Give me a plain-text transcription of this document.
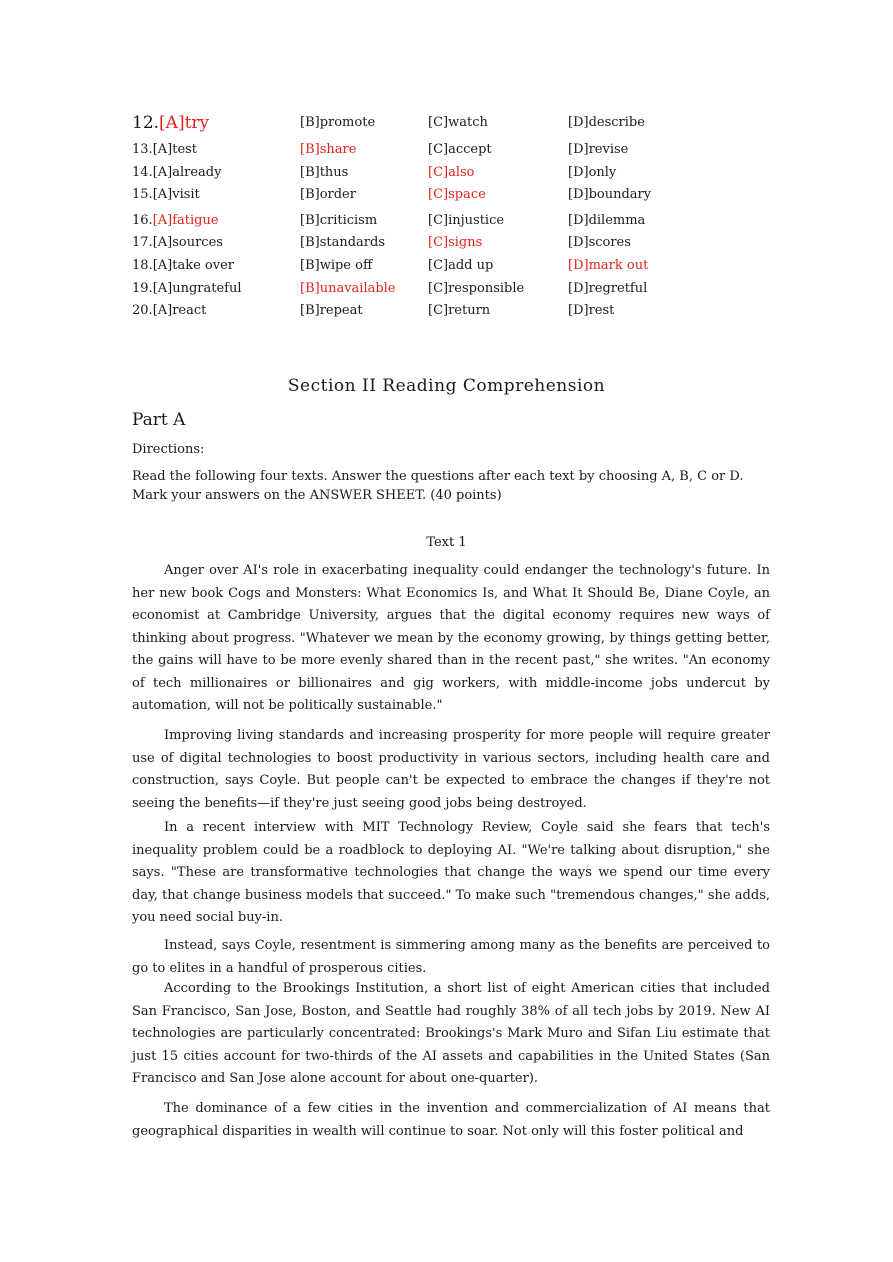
12.[A]try	[B]promote	[C]watch	[D]describe
13.[A]test	[B]share	[C]accept	[D]revise
14.[A]already	[B]thus	[C]also	[D]only
15.[A]visit	[B]order	[C]space	[D]boundary
16.[A]fatigue	[B]criticism	[C]injustice	[D]dilemma
17.[A]sources	[B]standards	[C]signs	[D]scores
18.[A]take over	[B]wipe off	[C]add up	[D]mark out
19.[A]ungrateful	[B]unavailable [C]responsible	[D]regretful
20.[A]react	[B]repeat	[C]return	[D]rest
Section II Reading Comprehension
Part A
Directions:
Read the following four texts. Answer the questions after each text by choosing A, B, C or D. Mark your answers on the ANSWER SHEET. (40 points)
Text 1

Anger over AI's role in exacerbating inequality could endanger the technology's future. In her new book Cogs and Monsters: What Economics Is, and What It Should Be, Diane Coyle, an economist at Cambridge University, argues that the digital economy requires new ways of thinking about progress. "Whatever we mean by the economy growing, by things getting better, the gains will have to be more evenly shared than in the recent past," she writes. "An economy of tech millionaires or billionaires and gig workers, with middle-income jobs undercut by automation, will not be politically sustainable."

Improving living standards and increasing prosperity for more people will require greater use of digital technologies to boost productivity in various sectors, including health care and construction, says Coyle. But people can't be expected to embrace the changes if they're not seeing the benefits—if they're just seeing good jobs being destroyed.

In a recent interview with MIT Technology Review, Coyle said she fears that tech's inequality problem could be a roadblock to deploying AI. "We're talking about disruption," she says. "These are transformative technologies that change the ways we spend our time every day, that change business models that succeed." To make such "tremendous changes," she adds, you need social buy-in.

Instead, says Coyle, resentment is simmering among many as the benefits are perceived to go to elites in a handful of prosperous cities.

According to the Brookings Institution, a short list of eight American cities that included San Francisco, San Jose, Boston, and Seattle had roughly 38% of all tech jobs by 2019. New AI technologies are particularly concentrated: Brookings's Mark Muro and Sifan Liu estimate that just 15 cities account for two-thirds of the AI assets and capabilities in the United States (San Francisco and San Jose alone account for about one-quarter).

The dominance of a few cities in the invention and commercialization of AI means that geographical disparities in wealth will continue to soar. Not only will this foster political and
